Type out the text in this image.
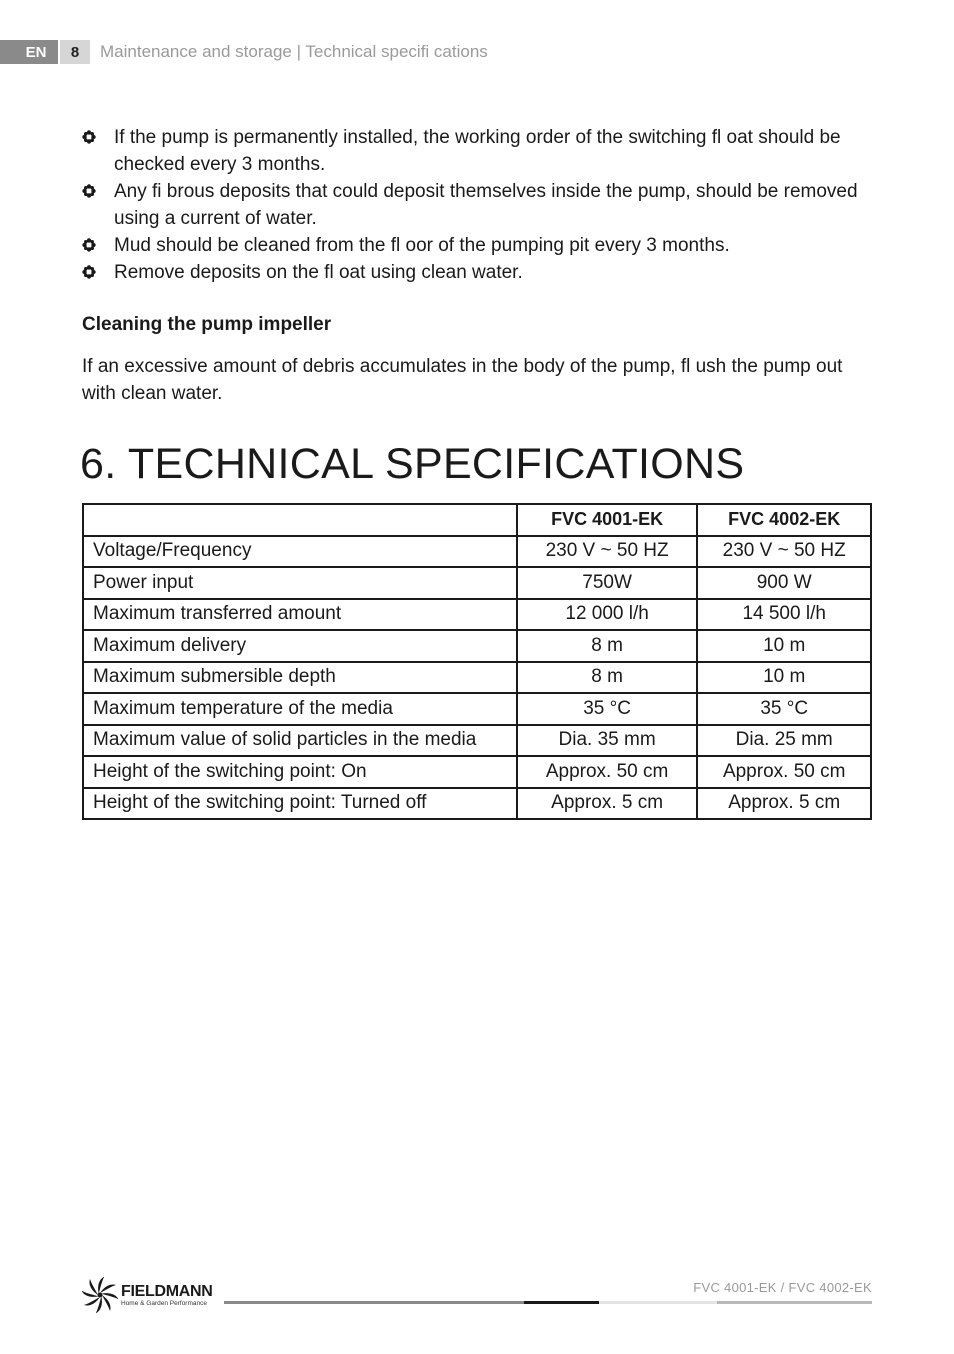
EN	8	Maintenance and storage | Technical specifi cations
If the pump is permanently installed, the working order of the switching fl oat should be checked every 3 months.
Any fi brous deposits that could deposit themselves inside the pump, should be removed using a current of water.
Mud should be cleaned from the fl oor of the pumping pit every 3 months.
Remove deposits on the fl oat using clean water.
Cleaning the pump impeller

If an excessive amount of debris accumulates in the body of the pump, fl ush the pump out with clean water.

6. TECHNICAL SPECIFICATIONS
	FVC 4001-EK	FVC 4002-EK
Voltage/Frequency	230 V ~ 50 HZ	230 V ~ 50 HZ
Power input	750W	900 W
Maximum transferred amount	12 000 l/h	14 500 l/h
Maximum delivery	8 m	10 m
Maximum submersible depth	8 m	10 m
Maximum temperature of the media	35 °C	35 °C
Maximum value of solid particles in the media	Dia. 35 mm	Dia. 25 mm
Height of the switching point: On	Approx. 50 cm	Approx. 50 cm
Height of the switching point: Turned off	Approx. 5 cm	Approx. 5 cm
FIELDMANN
Home & Garden Performance
FVC 4001-EK / FVC 4002-EK
